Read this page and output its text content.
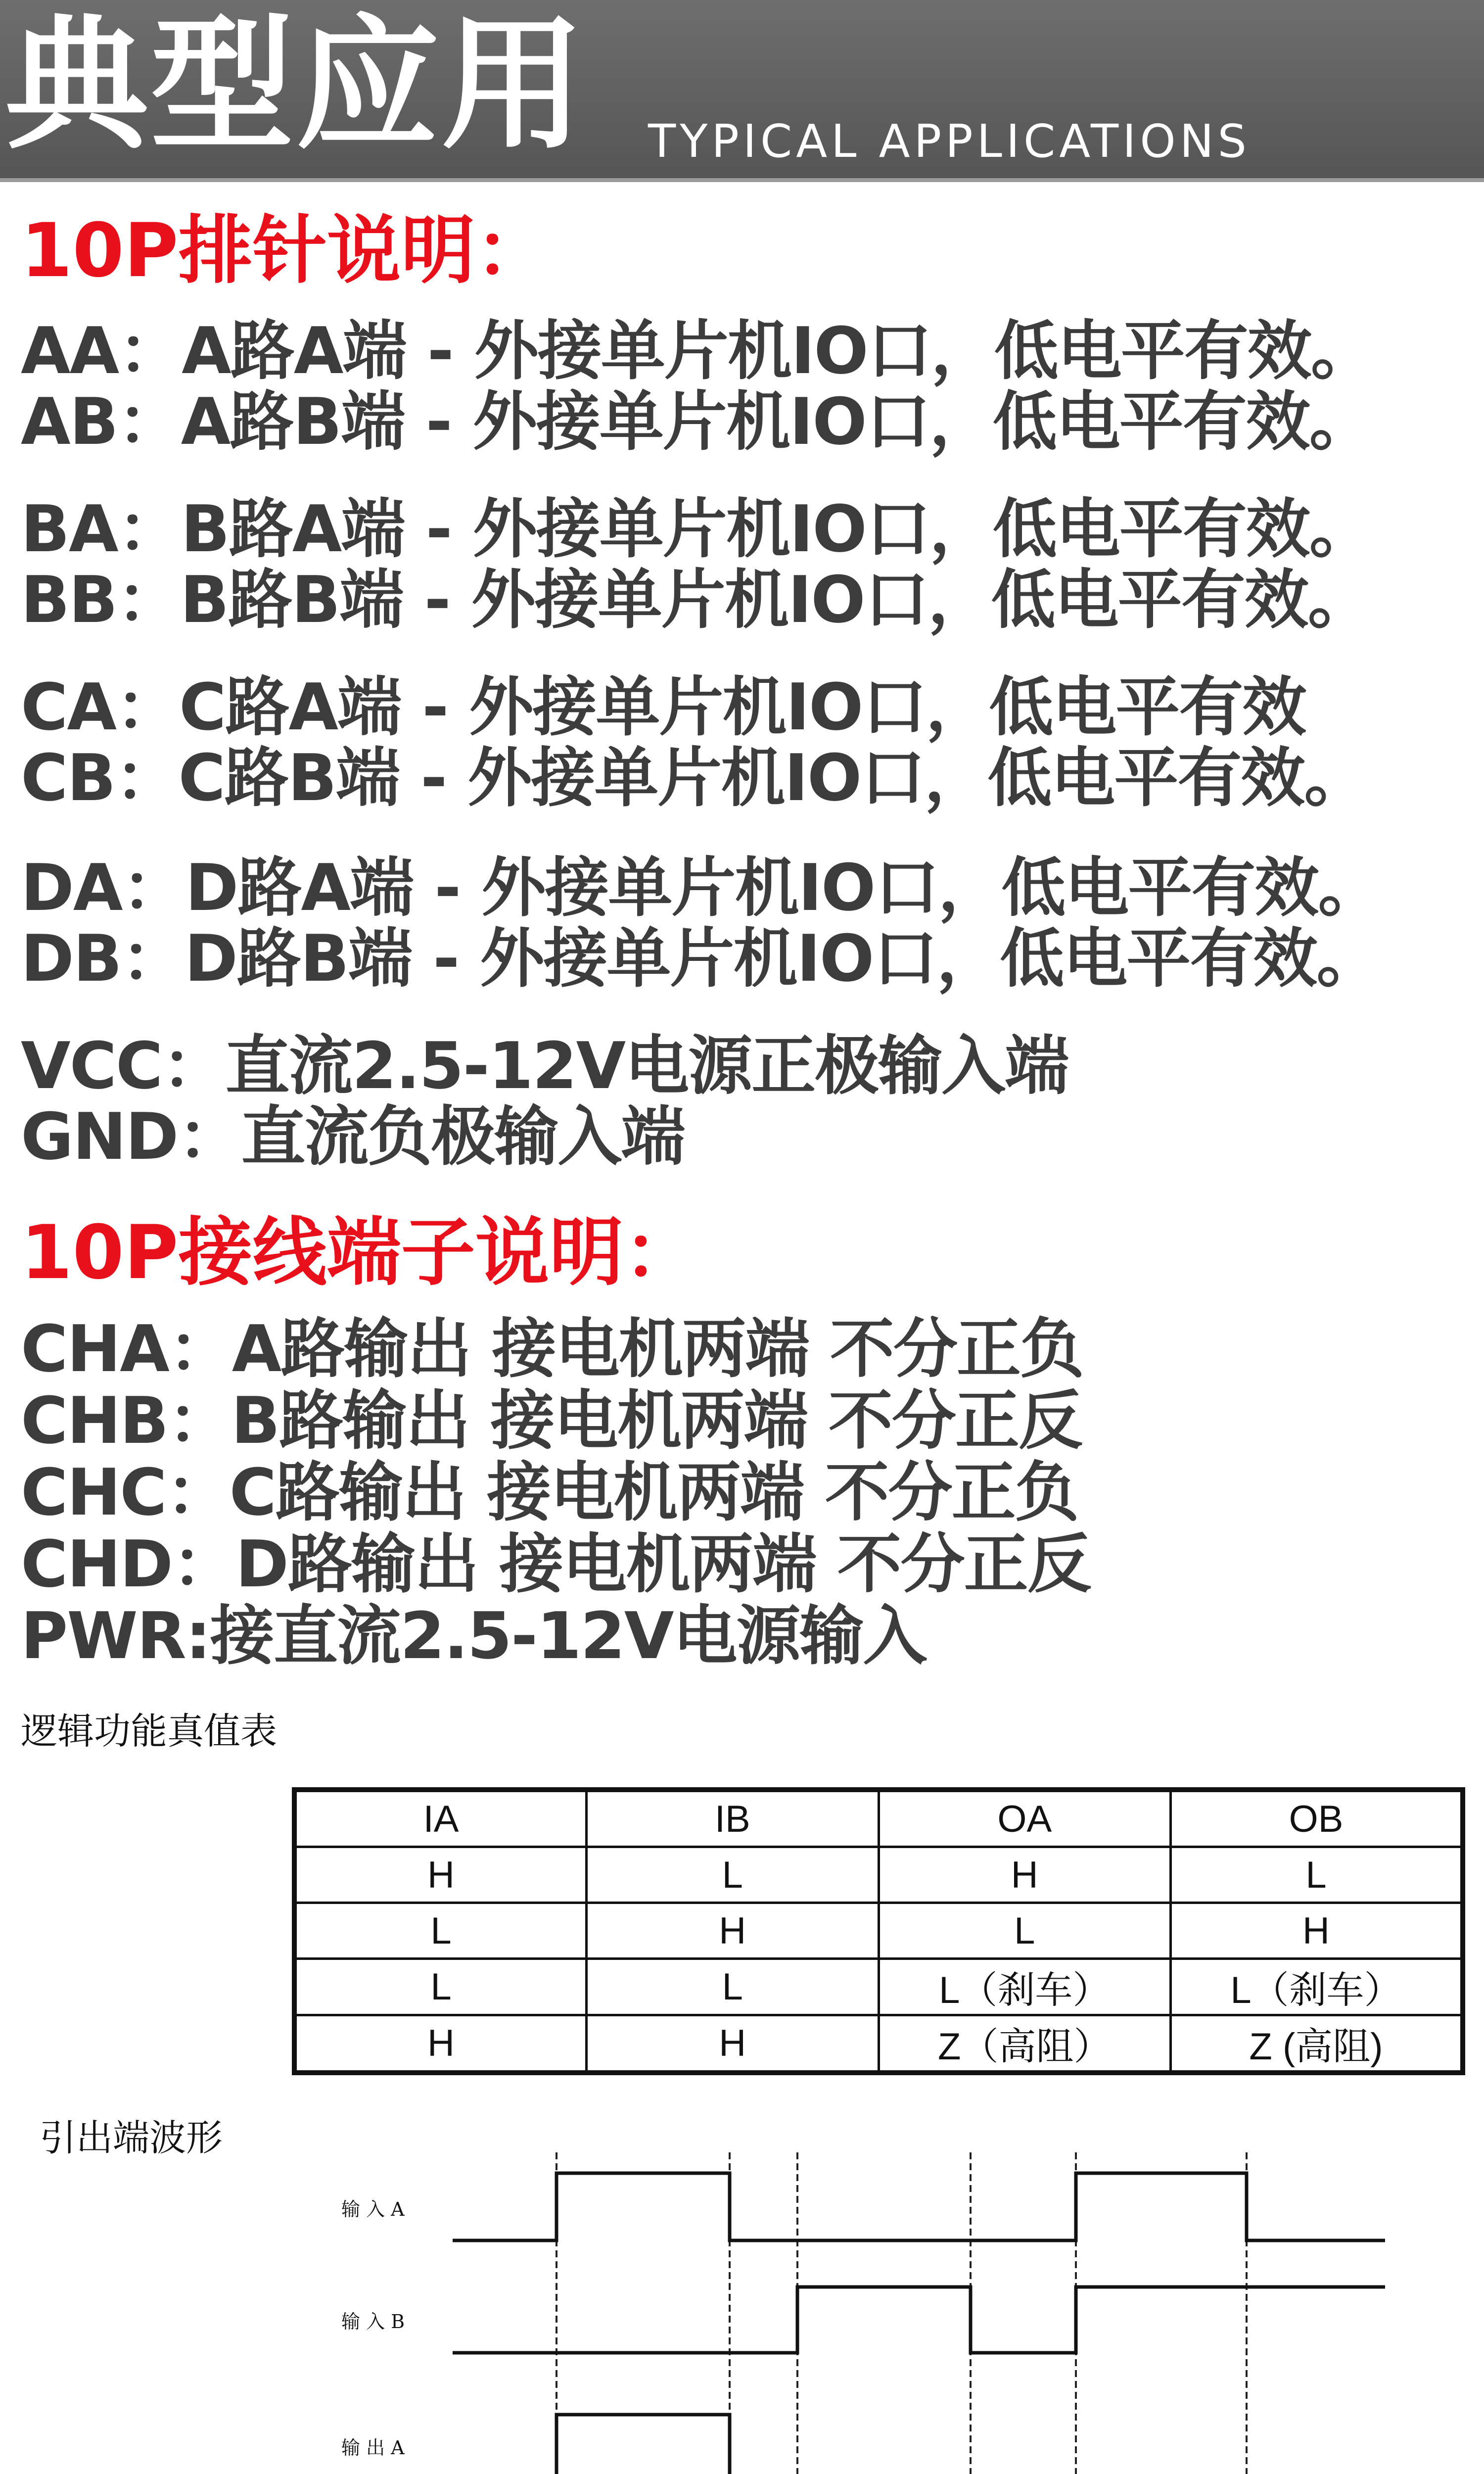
典型应用 TYPICAL APPLICATIONS
10P排针说明：
AA：A路A端 - 外接单片机IO口，低电平有效。
AB：A路B端 - 外接单片机IO口，低电平有效。
BA：B路A端 - 外接单片机IO口，低电平有效。
BB：B路B端 - 外接单片机IO口，低电平有效。
CA：C路A端 - 外接单片机IO口，低电平有效
CB：C路B端 - 外接单片机IO口，低电平有效。
DA：D路A端 - 外接单片机IO口，低电平有效。
DB：D路B端 - 外接单片机IO口，低电平有效。
VCC：直流2.5-12V电源正极输入端
GND：直流负极输入端
10P接线端子说明：
CHA：A路输出 接电机两端 不分正负
CHB：B路输出 接电机两端 不分正反
CHC：C路输出 接电机两端 不分正负
CHD：D路输出 接电机两端 不分正反
PWR:接直流2.5-12V电源输入
逻辑功能真值表
IA	IB	OA	OB
H	L	H	L
L	H	L	H
L	L	L（刹车）	L（刹车）
H	H	Z（高阻）	Z (高阻)
引出端波形
输 入 A
输 入 B
输 出 A
